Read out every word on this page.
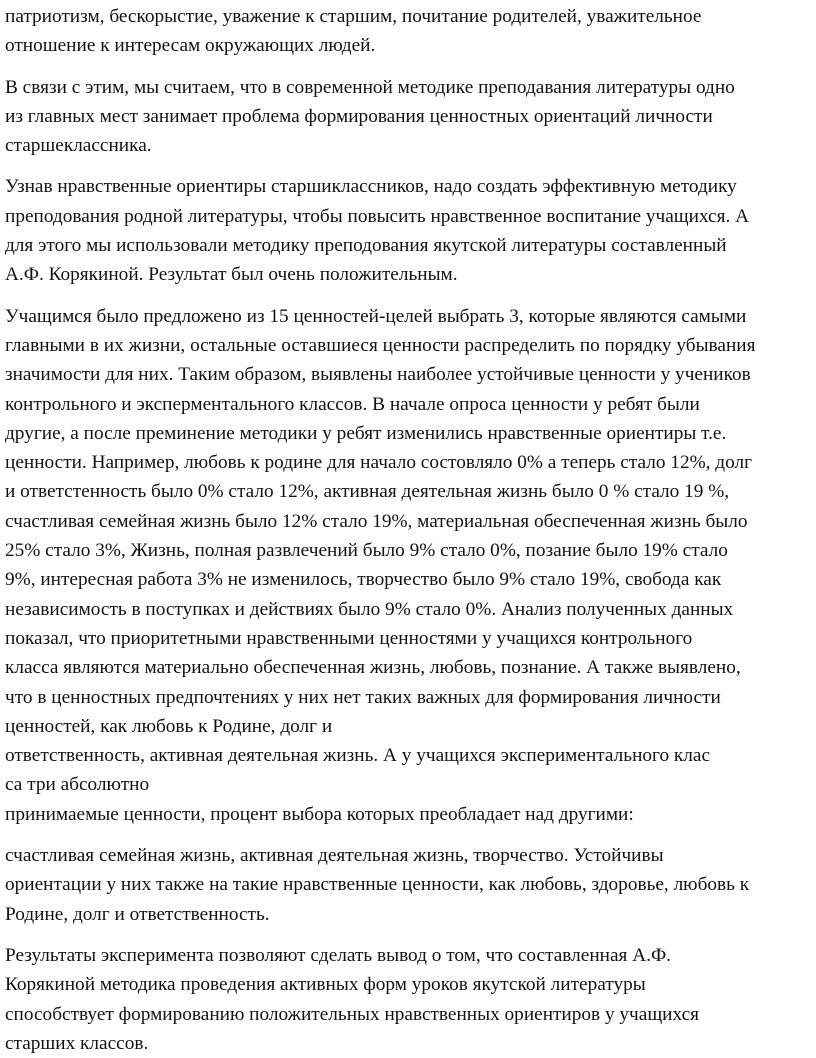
патриотизм, бескорыстие, уважение к старшим, почитание родителей, уважительное
отношение к интересам окружающих людей.
В связи с этим, мы считаем, что в современной методике преподавания литературы одно
из главных мест занимает проблема формирования ценностных ориентаций личности
старшеклассника.
Узнав нравственные ориентиры старшиклассников, надо создать эффективную методику
преподования родной литературы, чтобы повысить нравственное воспитание учащихся. А
для этого мы использовали методику преподования якутской литературы составленный
А.Ф. Корякиной. Результат был очень положительным.
Учащимся было предложено из 15 ценностей-целей выбрать 3, которые являются самыми
главными в их жизни, остальные оставшиеся ценности распределить по порядку убывания
значимости для них. Таким образом, выявлены наиболее устойчивые ценности у учеников
контрольного и эксперментального классов. В начале опроса ценности у ребят были
другие, а после преминение методики у ребят изменились нравственные ориентиры т.е.
ценности. Например, любовь к родине для начало состовляло 0% а теперь стало 12%, долг
и ответстенность было 0% стало 12%, активная деятельная жизнь было 0 % стало 19 %,
счастливая семейная жизнь было 12% стало 19%, материальная обеспеченная жизнь было
25% стало 3%, Жизнь, полная развлечений было 9% стало 0%, позание было 19% стало
9%, интересная работа 3% не изменилось, творчество было 9% стало 19%, свобода как
независимость в поступках и действиях было 9% стало 0%. Анализ полученных данных
показал, что приоритетными нравственными ценностями у учащихся контрольного
класса являются материально обеспеченная жизнь, любовь, познание. А также выявлено,
что в ценностных предпочтениях у них нет таких важных для формирования личности
ценностей, как любовь к Родине, долг и
ответственность, активная деятельная жизнь. А у учащихся экспериментального клас
са три абсолютно
принимаемые ценности, процент выбора которых преобладает над другими:
счастливая семейная жизнь, активная деятельная жизнь, творчество. Устойчивы
ориентации у них также на такие нравственные ценности, как любовь, здоровье, любовь к
Родине, долг и ответственность.
Результаты эксперимента позволяют сделать вывод о том, что составленная А.Ф.
Корякиной методика проведения активных форм уроков якутской литературы
способствует формированию положительных нравственных ориентиров у учащихся
старших классов.
